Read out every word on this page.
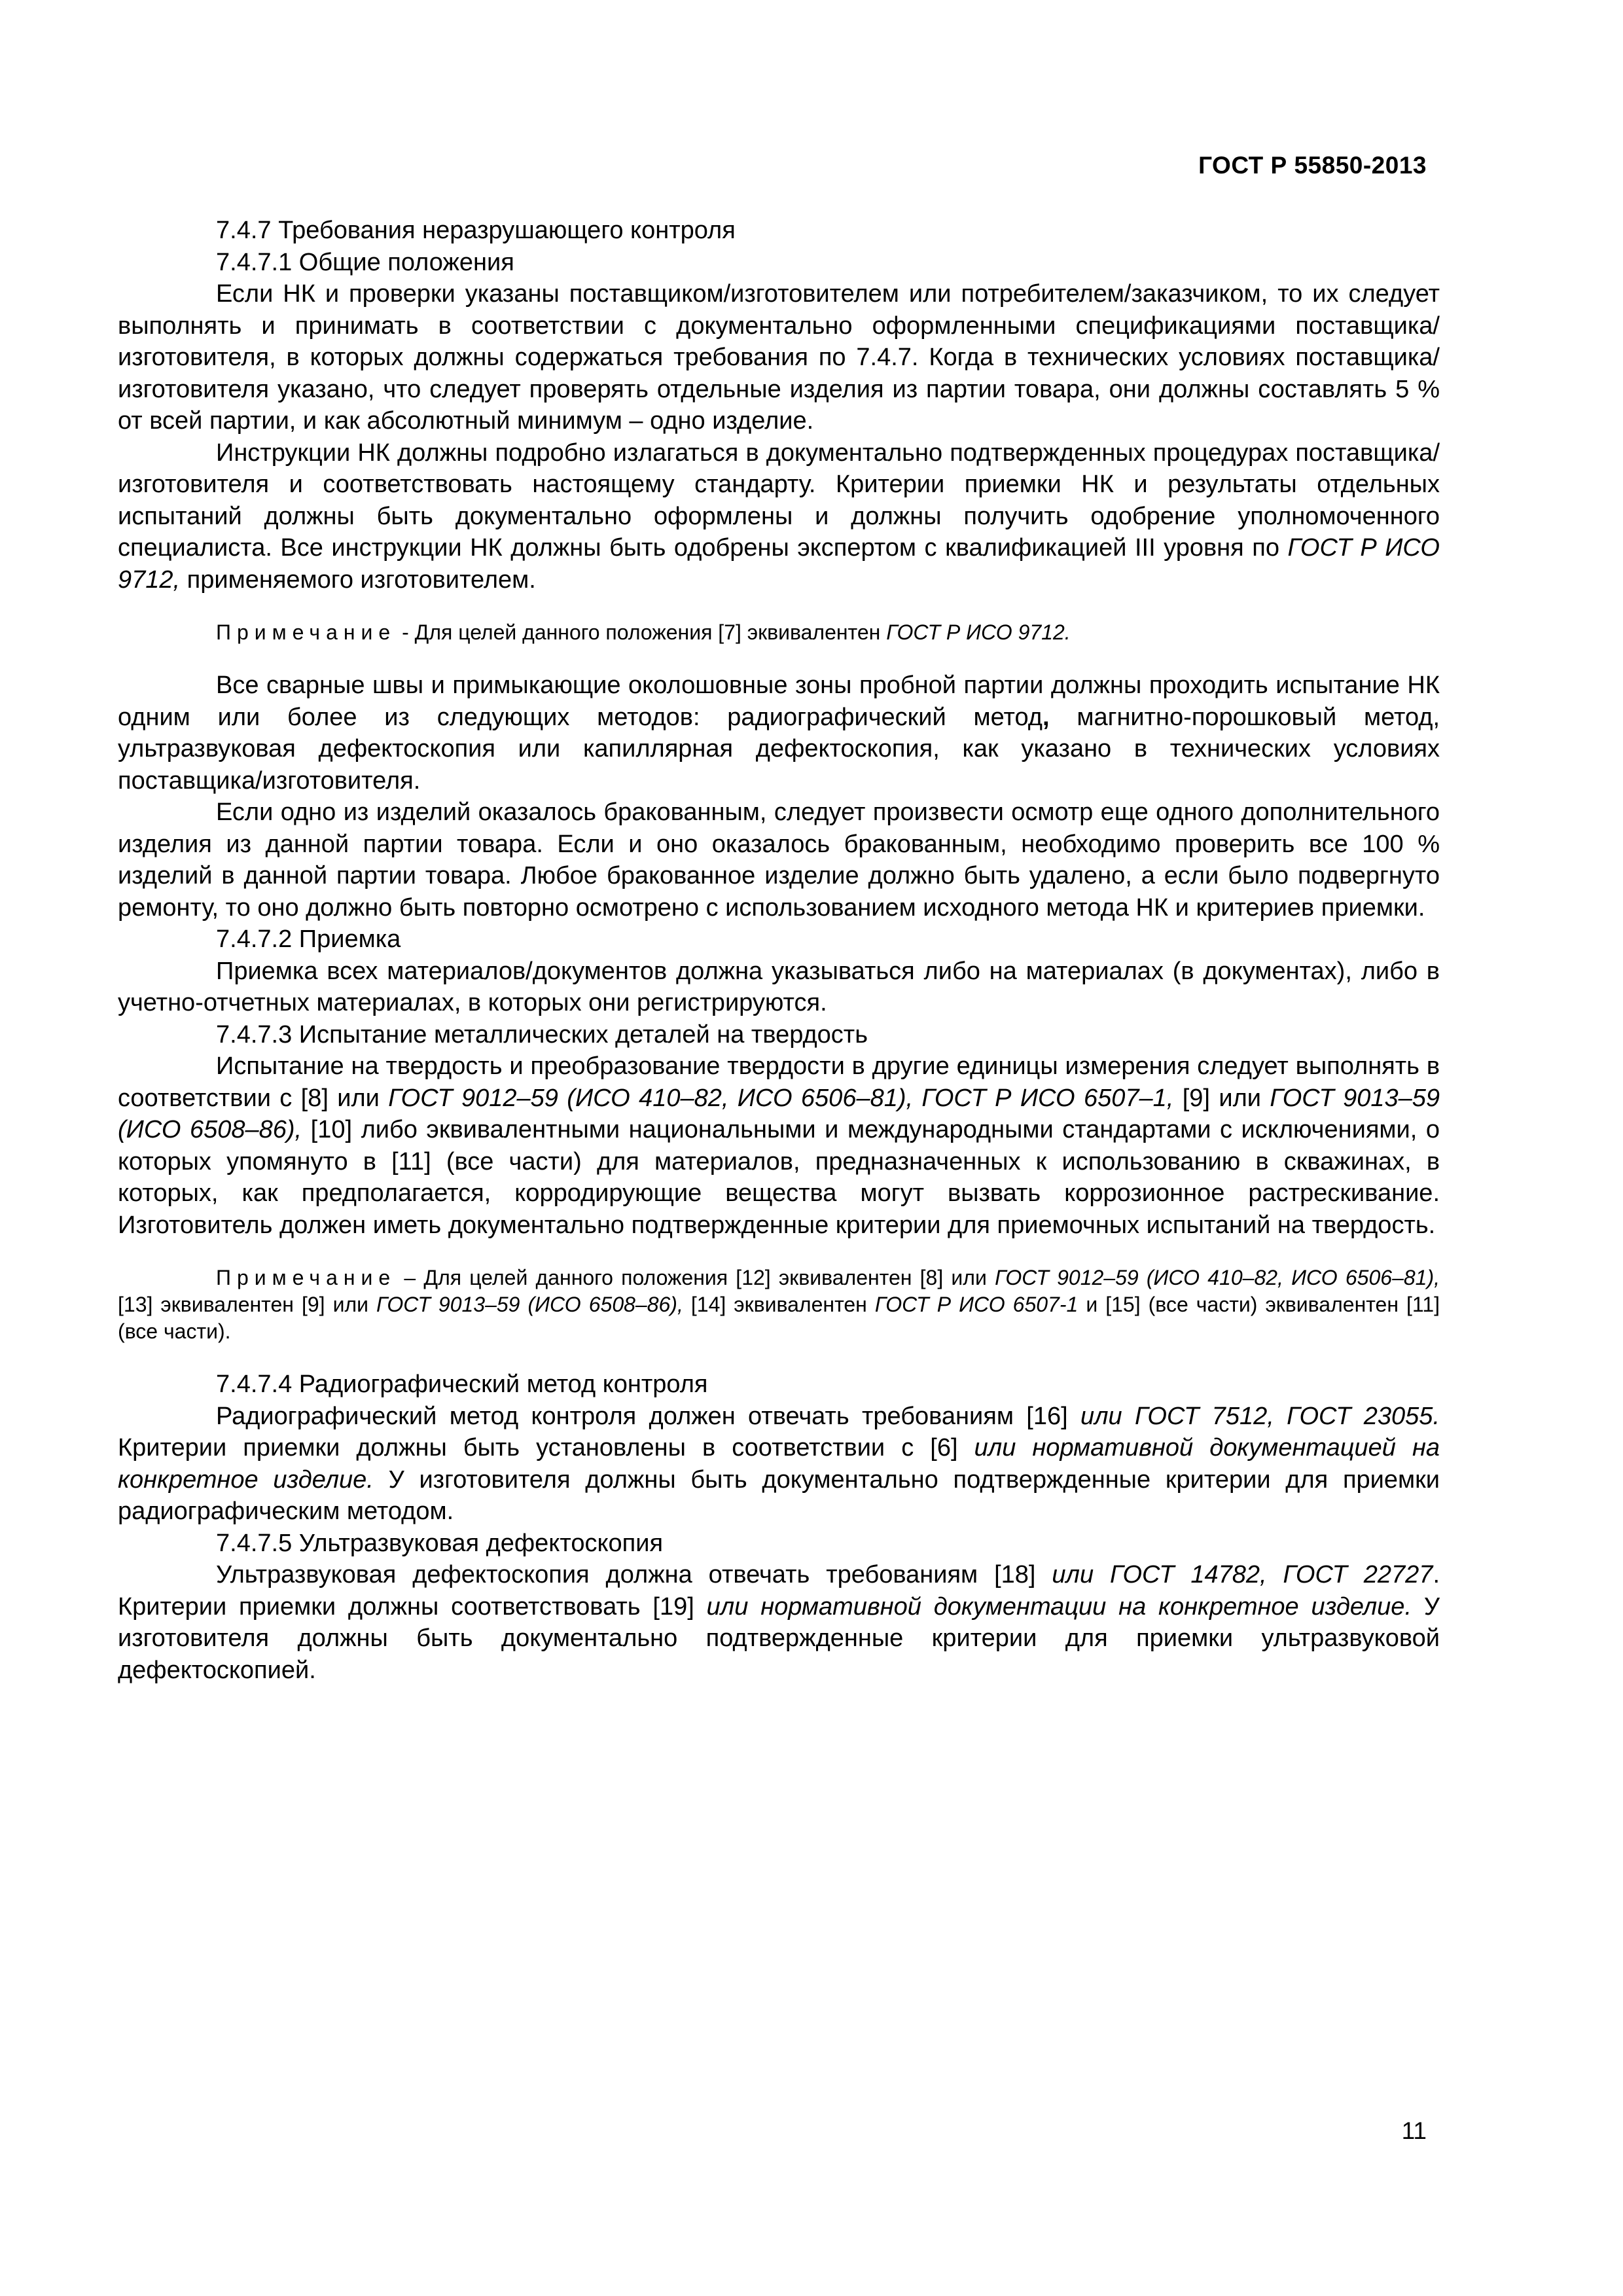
ГОСТ Р 55850-2013

7.4.7 Требования неразрушающего контроля

7.4.7.1 Общие положения

Если НК и проверки указаны поставщиком/изготовителем или потребителем/заказчиком, то их следует выполнять и принимать в соответствии с документально оформленными спецификациями поставщика/изготовителя, в которых должны содержаться требования по 7.4.7. Когда в технических условиях поставщика/изготовителя указано, что следует проверять отдельные изделия из партии товара, они должны составлять 5 % от всей партии, и как абсолютный минимум – одно изделие.

Инструкции НК должны подробно излагаться в документально подтвержденных процедурах поставщика/изготовителя и соответствовать настоящему стандарту. Критерии приемки НК и результаты отдельных испытаний должны быть документально оформлены и должны получить одобрение уполномоченного специалиста. Все инструкции НК должны быть одобрены экспертом с квалификацией III уровня по ГОСТ Р ИСО 9712, применяемого изготовителем.

Примечание - Для целей данного положения [7] эквивалентен ГОСТ Р ИСО 9712.

Все сварные швы и примыкающие околошовные зоны пробной партии должны проходить испытание НК одним или более из следующих методов: радиографический метод, магнитно-порошковый метод, ультразвуковая дефектоскопия или капиллярная дефектоскопия, как указано в технических условиях поставщика/изготовителя.

Если одно из изделий оказалось бракованным, следует произвести осмотр еще одного дополнительного изделия из данной партии товара. Если и оно оказалось бракованным, необходимо проверить все 100 % изделий в данной партии товара. Любое бракованное изделие должно быть удалено, а если было подвергнуто ремонту, то оно должно быть повторно осмотрено с использованием исходного метода НК и критериев приемки.

7.4.7.2 Приемка

Приемка всех материалов/документов должна указываться либо на материалах (в документах), либо в учетно-отчетных материалах, в которых они регистрируются.

7.4.7.3 Испытание металлических деталей на твердость

Испытание на твердость и преобразование твердости в другие единицы измерения следует выполнять в соответствии с [8] или ГОСТ 9012–59 (ИСО 410–82, ИСО 6506–81), ГОСТ Р ИСО 6507–1, [9] или ГОСТ 9013–59 (ИСО 6508–86), [10] либо эквивалентными национальными и международными стандартами с исключениями, о которых упомянуто в [11] (все части) для материалов, предназначенных к использованию в скважинах, в которых, как предполагается, корродирующие вещества могут вызвать коррозионное растрескивание. Изготовитель должен иметь документально подтвержденные критерии для приемочных испытаний на твердость.

Примечание – Для целей данного положения [12] эквивалентен [8] или ГОСТ 9012–59 (ИСО 410–82, ИСО 6506–81), [13] эквивалентен [9] или ГОСТ 9013–59 (ИСО 6508–86), [14] эквивалентен ГОСТ Р ИСО 6507-1 и [15] (все части) эквивалентен [11] (все части).

7.4.7.4 Радиографический метод контроля

Радиографический метод контроля должен отвечать требованиям [16] или ГОСТ 7512, ГОСТ 23055. Критерии приемки должны быть установлены в соответствии с [6] или нормативной документацией на конкретное изделие. У изготовителя должны быть документально подтвержденные критерии для приемки радиографическим методом.

7.4.7.5 Ультразвуковая дефектоскопия

Ультразвуковая дефектоскопия должна отвечать требованиям [18] или ГОСТ 14782, ГОСТ 22727. Критерии приемки должны соответствовать [19] или нормативной документации на конкретное изделие. У изготовителя должны быть документально подтвержденные критерии для приемки ультразвуковой дефектоскопией.

11
